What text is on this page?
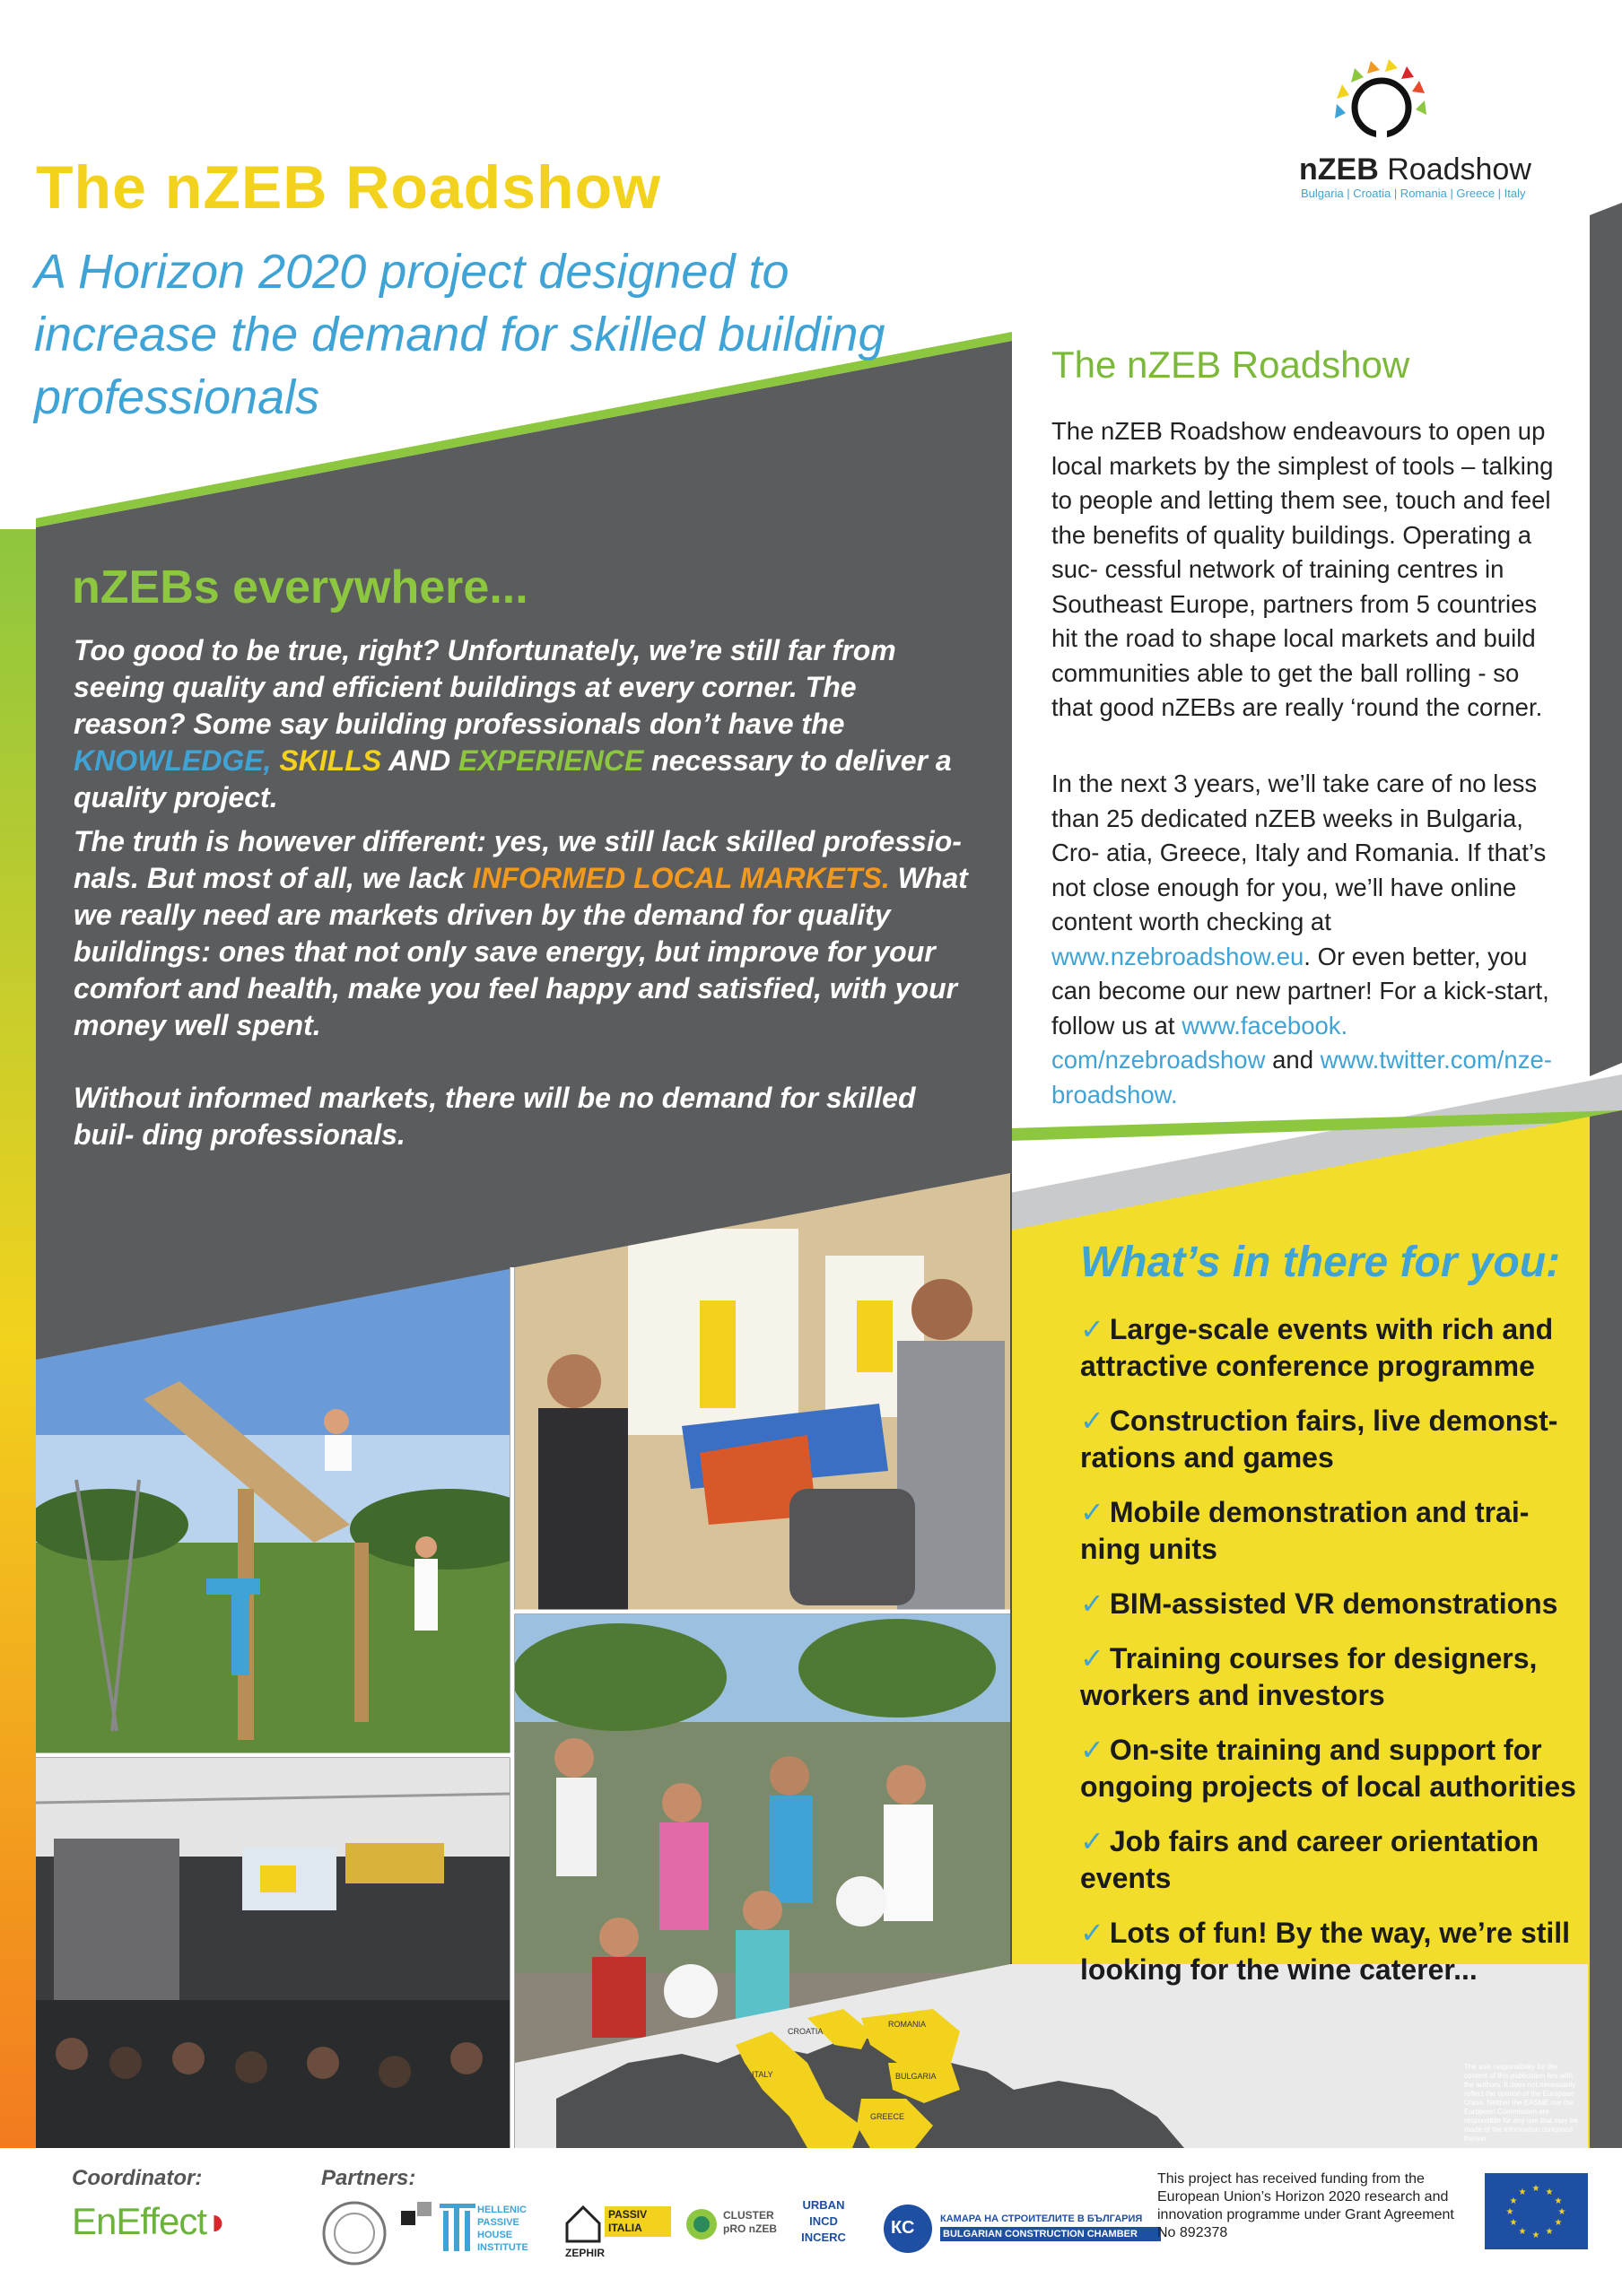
ITALY
CROATIA
ROMANIA
BULGARIA
GREECE
The nZEB Roadshow
A Horizon 2020 project designed to increase the demand for skilled building professionals
nZEB Roadshow
Bulgaria | Croatia | Romania | Greece | Italy
The nZEB Roadshow
The nZEB Roadshow endeavours to open up local markets by the simplest of tools – talking to people and letting them see, touch and feel the benefits of quality buildings. Operating a suc- cessful network of training centres in Southeast Europe, partners from 5 countries hit the road to shape local markets and build communities able to get the ball rolling - so that good nZEBs are really ‘round the corner.
In the next 3 years, we’ll take care of no less than 25 dedicated nZEB weeks in Bulgaria, Cro- atia, Greece, Italy and Romania. If that’s not close enough for you, we’ll have online content worth checking at www.nzebroadshow.eu. Or even better, you can become our new partner! For a kick-start, follow us at www.facebook. com/nzebroadshow and www.twitter.com/nze- broadshow.
nZEBs everywhere...
Too good to be true, right? Unfortunately, we’re still far from seeing quality and efficient buildings at every corner. The reason? Some say building professionals don’t have the KNOWLEDGE, SKILLS AND EXPERIENCE necessary to deliver a quality project.
The truth is however different: yes, we still lack skilled professio- nals. But most of all, we lack INFORMED LOCAL MARKETS. What we really need are markets driven by the demand for quality buildings: ones that not only save energy, but improve for your comfort and health, make you feel happy and satisfied, with your money well spent.
Without informed markets, there will be no demand for skilled buil- ding professionals.
What’s in there for you:
✓ Large-scale events with rich and attractive conference programme
✓ Construction fairs, live demonst- rations and games
✓ Mobile demonstration and trai- ning units
✓ BIM-assisted VR demonstrations
✓ Training courses for designers, workers and investors
✓ On-site training and support for ongoing projects of local authorities
✓ Job fairs and career orientation events
✓ Lots of fun! By the way, we’re still looking for the wine caterer...
The sole responsibility for the content of this publication lies with the authors. It does not necessarily reflect the opinion of the European Union. Neither the EASME nor the European Commission are responsible for any use that may be made of the information contained therein.
Coordinator:
EnEffect◗
Partners:
HELLENIC PASSIVE HOUSE INSTITUTE	ZEPHIR
PASSIV ITALIA
CLUSTER pRO nZEB
URBAN INCD INCERC	КС	КАМАРА НА СТРОИТЕЛИТЕ В БЪЛГАРИЯ
BULGARIAN CONSTRUCTION CHAMBER
★ ★
★
★
★
★
★
★
★
★
★
★
This project has received funding from the European Union’s Horizon 2020 research and innovation programme under Grant Agreement No 892378
